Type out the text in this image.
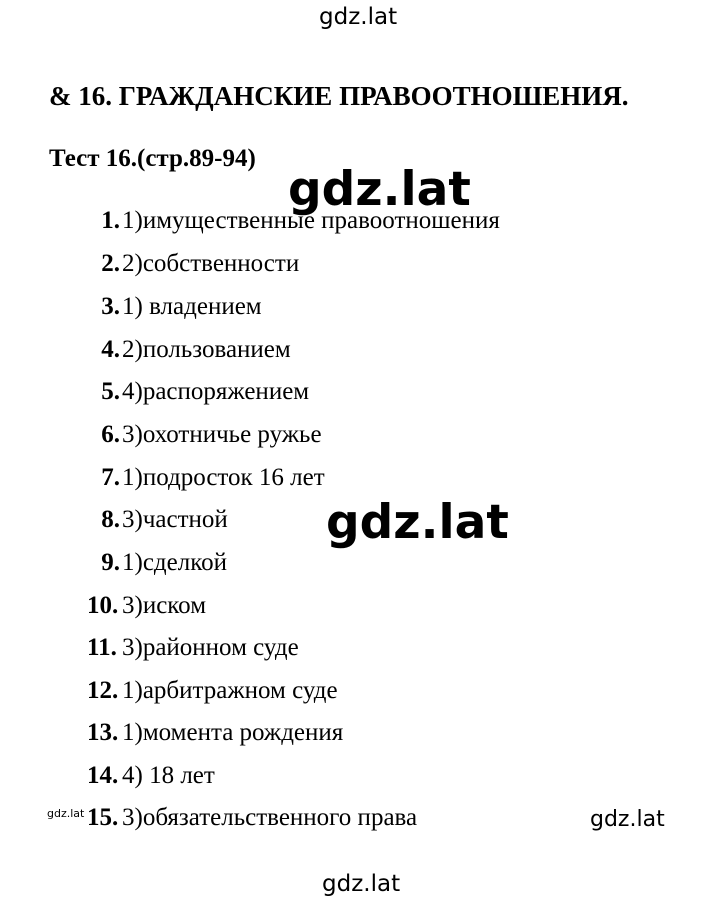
gdz.lat
& 16. ГРАЖДАНСКИЕ ПРАВООТНОШЕНИЯ.
Тест 16.(стр.89-94)
1. 1)имущественные правоотношения
2. 2)собственности
3. 1) владением
4. 2)пользованием
5. 4)распоряжением
6. 3)охотничье ружье
7. 1)подросток 16 лет
8. 3)частной
9. 1)сделкой
10. 3)иском
11. 3)районном суде
12. 1)арбитражном суде
13. 1)момента рождения
14. 4) 18 лет
15. 3)обязательственного права
gdz.lat
gdz.lat
gdz.lat	gdz.lat
gdz.lat
